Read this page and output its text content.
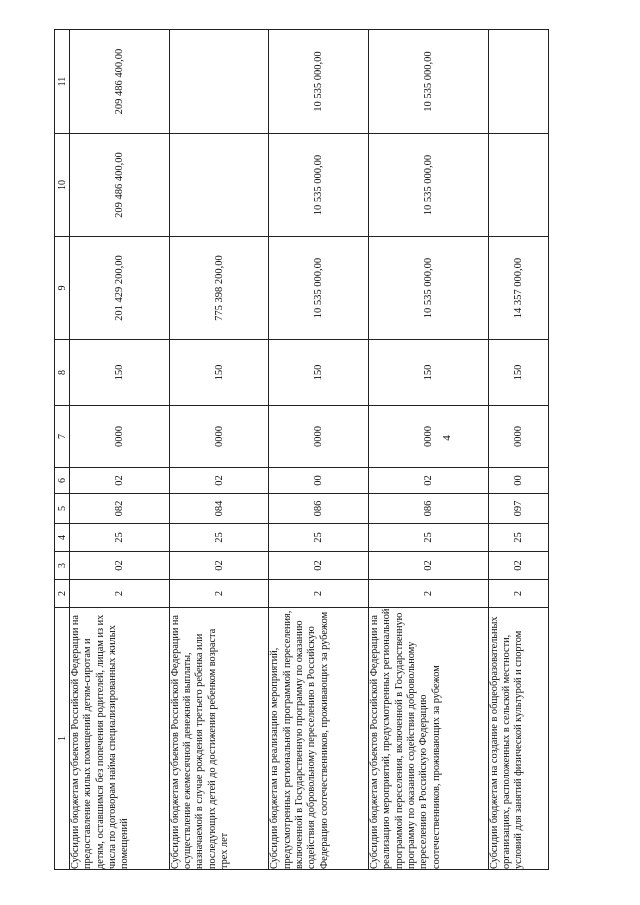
4
1	2	3	4	5	6	7	8	9	10	11
Субсидии бюджетам субъектов Российской Федерации на предоставление жилых помещений детям-сиротам и детям, оставшимся без попечения родителей, лицам из их числа по договорам найма специализированных жилых помещений	2	02	25	082	02	0000	150	201 429 200,00	209 486 400,00	209 486 400,00
Субсидии бюджетам субъектов Российской Федерации на осуществление ежемесячной денежной выплаты, назначаемой в случае рождения третьего ребенка или последующих детей до достижения ребенком возраста трех лет	2	02	25	084	02	0000	150	775 398 200,00		
Субсидии бюджетам на реализацию мероприятий, предусмотренных региональной программой переселения, включенной в Государственную программу по оказанию содействия добровольному переселению в Российскую Федерацию соотечественников, проживающих за рубежом	2	02	25	086	00	0000	150	10 535 000,00	10 535 000,00	10 535 000,00
Субсидии бюджетам субъектов Российской Федерации на реализацию мероприятий, предусмотренных региональной программой переселения, включенной в Государственную программу по оказанию содействия добровольному переселению в Российскую Федерацию соотечественников, проживающих за рубежом	2	02	25	086	02	0000	150	10 535 000,00	10 535 000,00	10 535 000,00
Субсидии бюджетам на создание в общеобразовательных организациях, расположенных в сельской местности, условий для занятий физической культурой и спортом	2	02	25	097	00	0000	150	14 357 000,00		
